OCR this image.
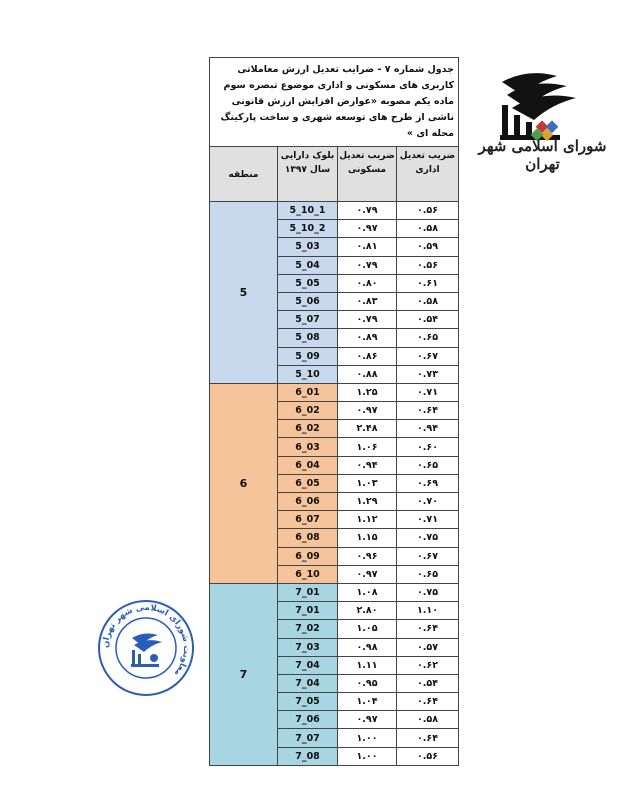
شورای اسلامی شهر تهران
جدول شماره ۷ - ضرایب تعدیل ارزش معاملاتی کاربری های مسکونی و اداری موضوع تبصره سوم ماده یکم مصوبه «عوارض افزایش ارزش قانونی ناشی از طرح های توسعه شهری و ساخت پارکینگ محله ای »			
ضریب تعدیل اداری	ضریب تعدیل مسکونی	بلوک دارایی سال ۱۳۹۷	منطقه
۰.۵۶	۰.۷۹	5_10_1	5
۰.۵۸	۰.۹۷	5_10_2	
۰.۵۹	۰.۸۱	5_03	
۰.۵۶	۰.۷۹	5_04	
۰.۶۱	۰.۸۰	5_05	
۰.۵۸	۰.۸۳	5_06	
۰.۵۴	۰.۷۹	5_07	
۰.۶۵	۰.۸۹	5_08	
۰.۶۷	۰.۸۶	5_09	
۰.۷۳	۰.۸۸	5_10	
۰.۷۱	۱.۲۵	6_01	6
۰.۶۴	۰.۹۷	6_02	
۰.۹۴	۲.۴۸	6_02	
۰.۶۰	۱.۰۶	6_03	
۰.۶۵	۰.۹۴	6_04	
۰.۶۹	۱.۰۳	6_05	
۰.۷۰	۱.۲۹	6_06	
۰.۷۱	۱.۱۲	6_07	
۰.۷۵	۱.۱۵	6_08	
۰.۶۷	۰.۹۶	6_09	
۰.۶۵	۰.۹۷	6_10	
۰.۷۵	۱.۰۸	7_01	7
۱.۱۰	۲.۸۰	7_01	
۰.۶۴	۱.۰۵	7_02	
۰.۵۷	۰.۹۸	7_03	
۰.۶۲	۱.۱۱	7_04	
۰.۵۴	۰.۹۵	7_04	
۰.۶۴	۱.۰۴	7_05	
۰.۵۸	۰.۹۷	7_06	
۰.۶۴	۱.۰۰	7_07	
۰.۵۶	۱.۰۰	7_08	
معاونت شورای اسلامی شهر تهران
